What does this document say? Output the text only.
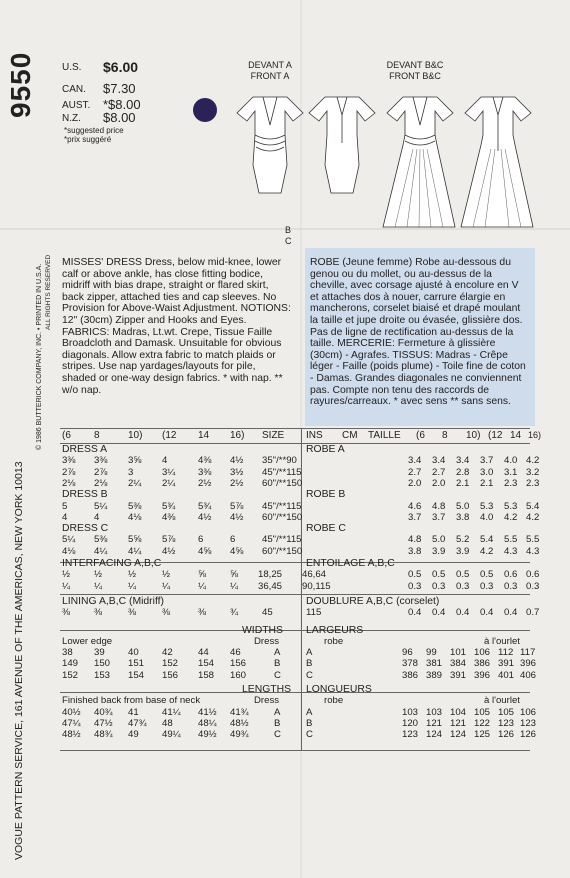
9550
VOGUE PATTERN SERVICE, 161 AVENUE OF THE AMERICAS, NEW YORK 10013
© 1986 BUTTERICK COMPANY, INC. • PRINTED IN U.S.A. ALL RIGHTS RESERVED
U.S. $6.00
CAN. $7.30
AUST. *$8.00
N.Z. $8.00
*suggested price
*prix suggéré
DEVANT A
FRONT A
DEVANT B&C
FRONT B&C
B
C
MISSES' DRESS Dress, below mid-knee, lower calf or above ankle, has close fitting bodice, midriff with bias drape, straight or flared skirt, back zipper, attached ties and cap sleeves. No Provision for Above-Waist Adjustment. NOTIONS: 12" (30cm) Zipper and Hooks and Eyes. FABRICS: Madras, Lt.wt. Crepe, Tissue Faille Broadcloth and Damask. Unsuitable for obvious diagonals. Allow extra fabric to match plaids or stripes. Use nap yardages/layouts for pile, shaded or one-way design fabrics. * with nap. ** w/o nap.
ROBE (Jeune femme) Robe au-dessous du genou ou du mollet, ou au-dessus de la cheville, avec corsage ajusté à encolure en V et attaches dos à nouer, carrure élargie en mancherons, corselet biaisé et drapé moulant la taille et jupe droite ou évasée, glissière dos. Pas de ligne de rectification au-dessus de la taille. MERCERIE: Fermeture à glissière (30cm) - Agrafes. TISSUS: Madras - Crêpe léger - Faille (poids plume) - Toile fine de coton - Damas. Grandes diagonales ne conviennent pas. Compte non tenu des raccords de rayures/carreaux. * avec sens ** sans sens.
(6 8	10) (12 14 16) SIZE INS CM TAILLE (6 8 10) (12 14 16)
DRESS A	ROBE A
3⅜ 3⅜ 3⅝ 4	4⅜ 4½ 35"/**90	3.4 3.4 3.4 3.7 4.0 4.2
2⅞ 2⅞ 3	3¼ 3⅜ 3½ 45"/**115	2.7 2.7 2.8 3.0 3.1 3.2
2⅛ 2⅛ 2¼ 2¼ 2½ 2½ 60"/**150	2.0 2.0 2.1 2.1 2.3 2.3
DRESS B	ROBE B
5	5¼ 5⅜ 5¾ 5¾ 5⅞ 45"/**115	4.6 4.8 5.0 5.3 5.3 5.4
4	4	4⅛ 4⅜ 4½ 4½ 60"/**150	3.7 3.7 3.8 4.0 4.2 4.2
DRESS C	ROBE C
5¼ 5⅜ 5⅝ 5⅞ 6	6	45"/**115	4.8 5.0 5.2 5.4 5.5 5.5
4⅛ 4¼ 4¼ 4½ 4⅝ 4⅝ 60"/**150	3.8 3.9 3.9 4.2 4.3 4.3
INTERFACING A,B,C	ENTOILAGE A,B,C
½ ½	½	½	⅝ ⅝ 18,25 46,64	0.5 0.5 0.5 0.5 0.6 0.6
¼ ¼	¼	¼	¼ ¼ 36,45 90,115	0.3 0.3 0.3 0.3 0.3 0.3
LINING A,B,C (Midriff)	DOUBLURE A,B,C (corselet)
⅜ ⅜	⅜	⅜	⅜ ¾ 45	115	0.4 0.4 0.4 0.4 0.4 0.7
WIDTHS LARGEURS
Lower edge	Dress	robe	à l'ourlet
38 39 40 42	44 46	A	A	96 99 101 106 112 117
149 150 151 152 154 156	B	B	378 381 384 386 391 396
152 153 154 156 158 160	C	C	386 389 391 396 401 406
LENGTHS LONGUEURS
Finished back from base of neck	Dress	robe	à l'ourlet
40½ 40¾ 41 41¼ 41½ 41¾	A	A	103 103 104 105 105 106
47¼ 47½ 47¾ 48	48¼ 48½	B	B	120 121 121 122 123 123
48½ 48¾ 49 49¼ 49½ 49¾	C	C	123 124 124 125 126 126
